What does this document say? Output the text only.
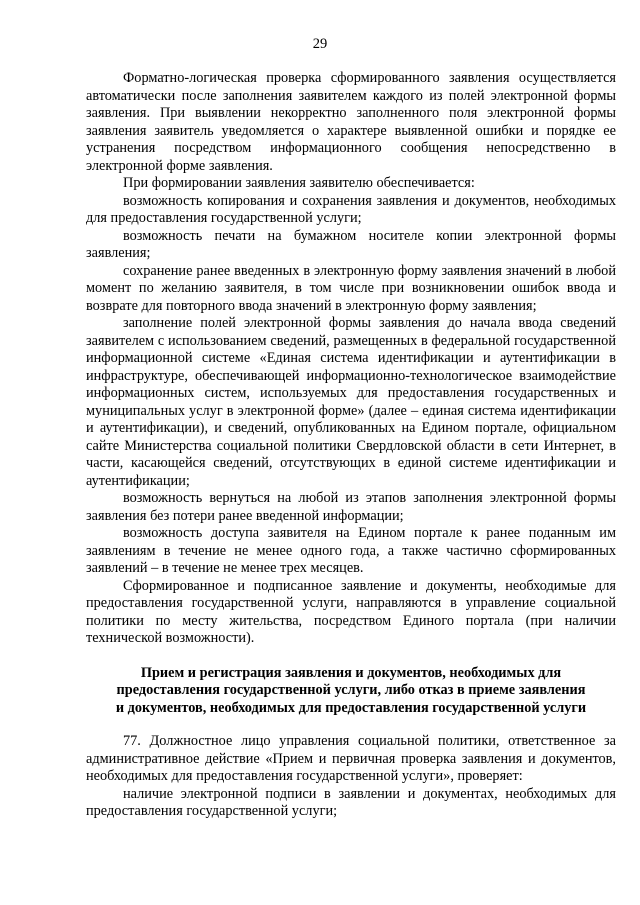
29

Форматно-логическая проверка сформированного заявления осуществляется автоматически после заполнения заявителем каждого из полей электронной формы заявления. При выявлении некорректно заполненного поля электронной формы заявления заявитель уведомляется о характере выявленной ошибки и порядке ее устранения посредством информационного сообщения непосредственно в электронной форме заявления.

При формировании заявления заявителю обеспечивается:

возможность копирования и сохранения заявления и документов, необходимых для предоставления государственной услуги;

возможность печати на бумажном носителе копии электронной формы заявления;

сохранение ранее введенных в электронную форму заявления значений в любой момент по желанию заявителя, в том числе при возникновении ошибок ввода и возврате для повторного ввода значений в электронную форму заявления;

заполнение полей электронной формы заявления до начала ввода сведений заявителем с использованием сведений, размещенных в федеральной государственной информационной системе «Единая система идентификации и аутентификации в инфраструктуре, обеспечивающей информационно-технологическое взаимодействие информационных систем, используемых для предоставления государственных и муниципальных услуг в электронной форме» (далее – единая система идентификации и аутентификации), и сведений, опубликованных на Едином портале, официальном сайте Министерства социальной политики Свердловской области в сети Интернет, в части, касающейся сведений, отсутствующих в единой системе идентификации и аутентификации;

возможность вернуться на любой из этапов заполнения электронной формы заявления без потери ранее введенной информации;

возможность доступа заявителя на Едином портале к ранее поданным им заявлениям в течение не менее одного года, а также частично сформированных заявлений – в течение не менее трех месяцев.

Сформированное и подписанное заявление и документы, необходимые для предоставления государственной услуги, направляются в управление социальной политики по месту жительства, посредством Единого портала (при наличии технической возможности).

Прием и регистрация заявления и документов, необходимых для
предоставления государственной услуги, либо отказ в приеме заявления
и документов, необходимых для предоставления государственной услуги

77. Должностное лицо управления социальной политики, ответственное за административное действие «Прием и первичная проверка заявления и документов, необходимых для предоставления государственной услуги», проверяет:

наличие электронной подписи в заявлении и документах, необходимых для предоставления государственной услуги;
